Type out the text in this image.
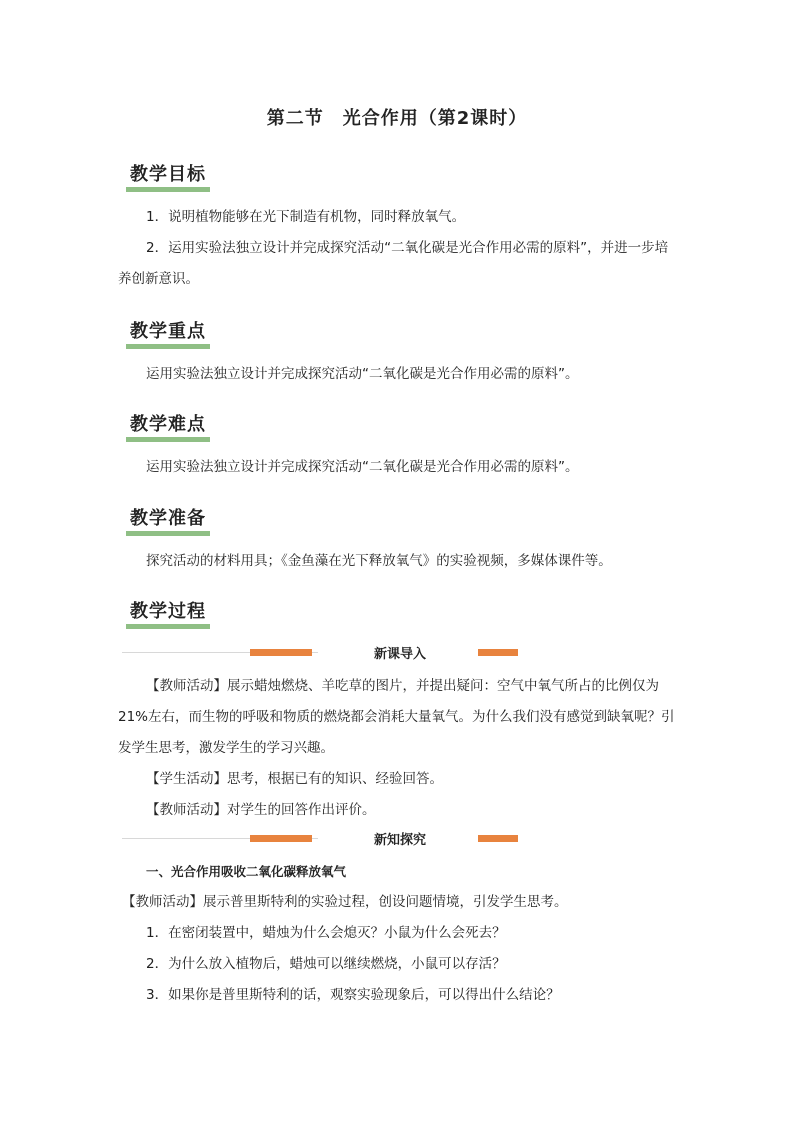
第二节　光合作用（第2课时）
教学目标
1．说明植物能够在光下制造有机物，同时释放氧气。
2．运用实验法独立设计并完成探究活动“二氧化碳是光合作用必需的原料”，并进一步培养创新意识。
教学重点
运用实验法独立设计并完成探究活动“二氧化碳是光合作用必需的原料”。
教学难点
运用实验法独立设计并完成探究活动“二氧化碳是光合作用必需的原料”。
教学准备
探究活动的材料用具；《金鱼藻在光下释放氧气》的实验视频，多媒体课件等。
教学过程
新课导入
【教师活动】展示蜡烛燃烧、羊吃草的图片，并提出疑问：空气中氧气所占的比例仅为21%左右，而生物的呼吸和物质的燃烧都会消耗大量氧气。为什么我们没有感觉到缺氧呢？引发学生思考，激发学生的学习兴趣。
【学生活动】思考，根据已有的知识、经验回答。
【教师活动】对学生的回答作出评价。
新知探究
一、光合作用吸收二氧化碳释放氧气
【教师活动】展示普里斯特利的实验过程，创设问题情境，引发学生思考。
1．在密闭装置中，蜡烛为什么会熄灭？小鼠为什么会死去？
2．为什么放入植物后，蜡烛可以继续燃烧，小鼠可以存活？
3．如果你是普里斯特利的话，观察实验现象后，可以得出什么结论？
